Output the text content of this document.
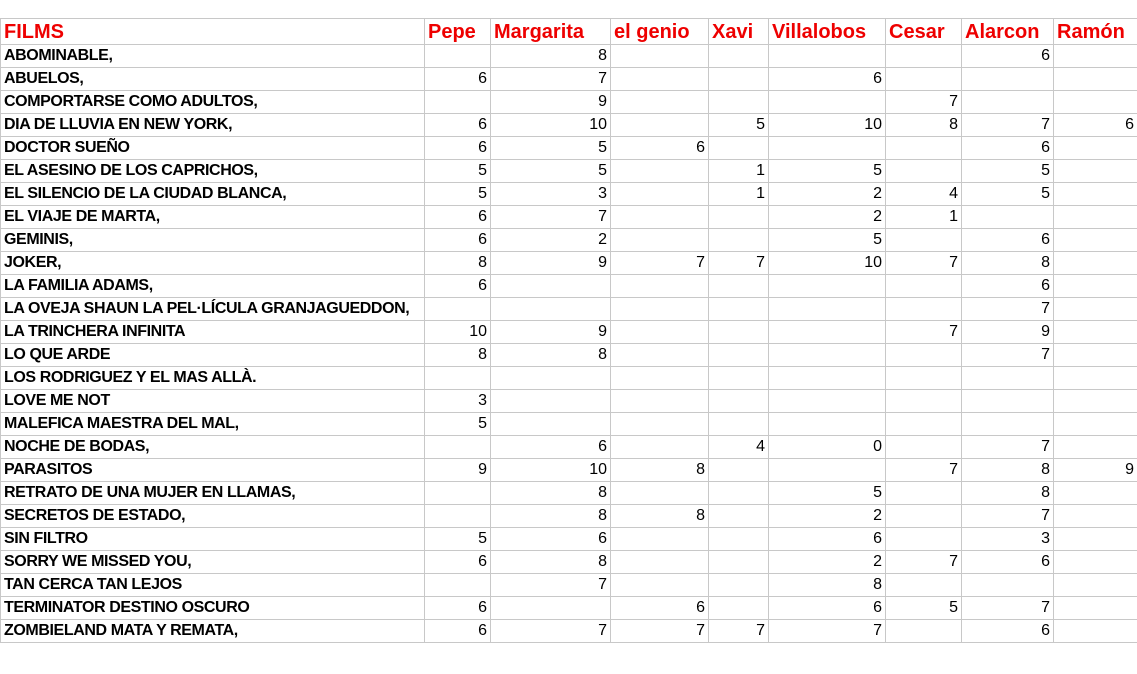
FILMS	Pepe	Margarita	el genio	Xavi	Villalobos	Cesar	Alarcon	Ramón
ABOMINABLE,		8					6	
ABUELOS,	6	7			6			
COMPORTARSE COMO ADULTOS,		9				7		
DIA DE LLUVIA EN NEW YORK,	6	10		5	10	8	7	6
DOCTOR SUEÑO	6	5	6				6	
EL ASESINO DE LOS CAPRICHOS,	5	5		1	5		5	
EL SILENCIO DE LA CIUDAD BLANCA,	5	3		1	2	4	5	
EL VIAJE DE MARTA,	6	7			2	1		
GEMINIS,	6	2			5		6	
JOKER,	8	9	7	7	10	7	8	
LA FAMILIA ADAMS,	6						6	
LA OVEJA SHAUN LA PEL·LÍCULA GRANJAGUEDDON,							7	
LA TRINCHERA INFINITA	10	9				7	9	
LO QUE ARDE	8	8					7	
LOS RODRIGUEZ Y EL MAS ALLÀ.								
LOVE ME NOT	3							
MALEFICA MAESTRA DEL MAL,	5							
NOCHE DE BODAS,		6		4	0		7	
PARASITOS	9	10	8			7	8	9
RETRATO DE UNA MUJER EN LLAMAS,		8			5		8	
SECRETOS DE ESTADO,		8	8		2		7	
SIN FILTRO	5	6			6		3	
SORRY WE MISSED YOU,	6	8			2	7	6	
TAN CERCA TAN LEJOS		7			8			
TERMINATOR DESTINO OSCURO	6		6		6	5	7	
ZOMBIELAND MATA Y REMATA,	6	7	7	7	7		6	
